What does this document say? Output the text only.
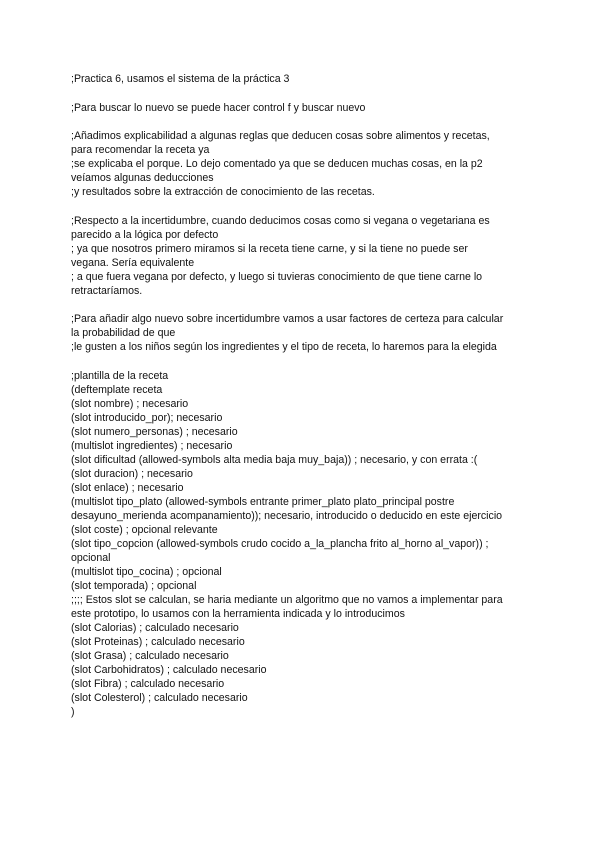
;Practica 6, usamos el sistema de la práctica 3

;Para buscar lo nuevo se puede hacer control f y buscar nuevo

;Añadimos explicabilidad a algunas reglas que deducen cosas sobre alimentos y recetas,

para recomendar la receta ya

;se explicaba el porque. Lo dejo comentado ya que se deducen muchas cosas, en la p2

veíamos algunas deducciones

;y resultados sobre la extracción de conocimiento de las recetas.

;Respecto a la incertidumbre, cuando deducimos cosas como si vegana o vegetariana es

parecido a la lógica por defecto

; ya que nosotros primero miramos si la receta tiene carne, y si la tiene no puede ser

vegana. Sería equivalente

; a que fuera vegana por defecto, y luego si tuvieras conocimiento de que tiene carne lo

retractaríamos.

;Para añadir algo nuevo sobre incertidumbre vamos a usar factores de certeza para calcular

la probabilidad de que

;le gusten a los niños según los ingredientes y el tipo de receta, lo haremos para la elegida

;plantilla de la receta

(deftemplate receta

(slot nombre) ; necesario

(slot introducido_por); necesario

(slot numero_personas) ; necesario

(multislot ingredientes) ; necesario

(slot dificultad (allowed-symbols alta media baja muy_baja)) ; necesario, y con errata :(

(slot duracion) ; necesario

(slot enlace) ; necesario

(multislot tipo_plato (allowed-symbols entrante primer_plato plato_principal postre

desayuno_merienda acompanamiento)); necesario, introducido o deducido en este ejercicio

(slot coste) ; opcional relevante

(slot tipo_copcion (allowed-symbols crudo cocido a_la_plancha frito al_horno al_vapor)) ;

opcional

(multislot tipo_cocina) ; opcional

(slot temporada) ; opcional

;;;; Estos slot se calculan, se haria mediante un algoritmo que no vamos a implementar para

este prototipo, lo usamos con la herramienta indicada y lo introducimos

(slot Calorias) ; calculado necesario

(slot Proteinas) ; calculado necesario

(slot Grasa) ; calculado necesario

(slot Carbohidratos) ; calculado necesario

(slot Fibra) ; calculado necesario

(slot Colesterol) ; calculado necesario

)
